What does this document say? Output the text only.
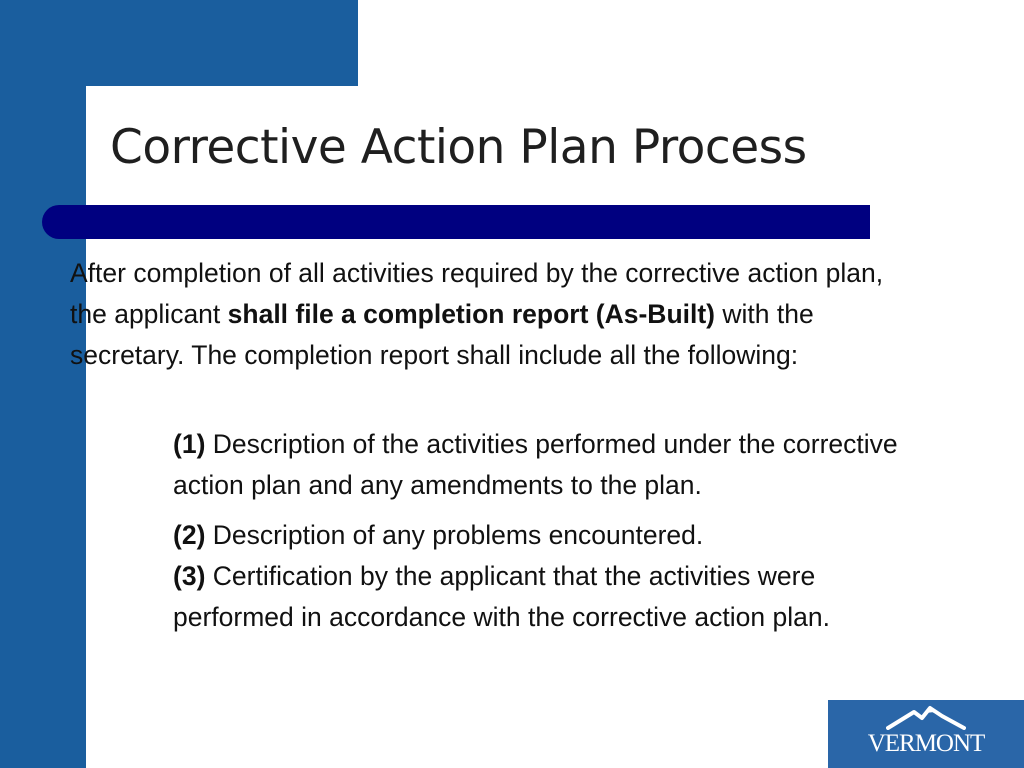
Corrective Action Plan Process

After completion of all activities required by the corrective action plan, the applicant shall file a completion report (As-Built) with the secretary. The completion report shall include all the following:

(1) Description of the activities performed under the corrective action plan and any amendments to the plan.

(2) Description of any problems encountered.

(3) Certification by the applicant that the activities were performed in accordance with the corrective action plan.

VERMONT
